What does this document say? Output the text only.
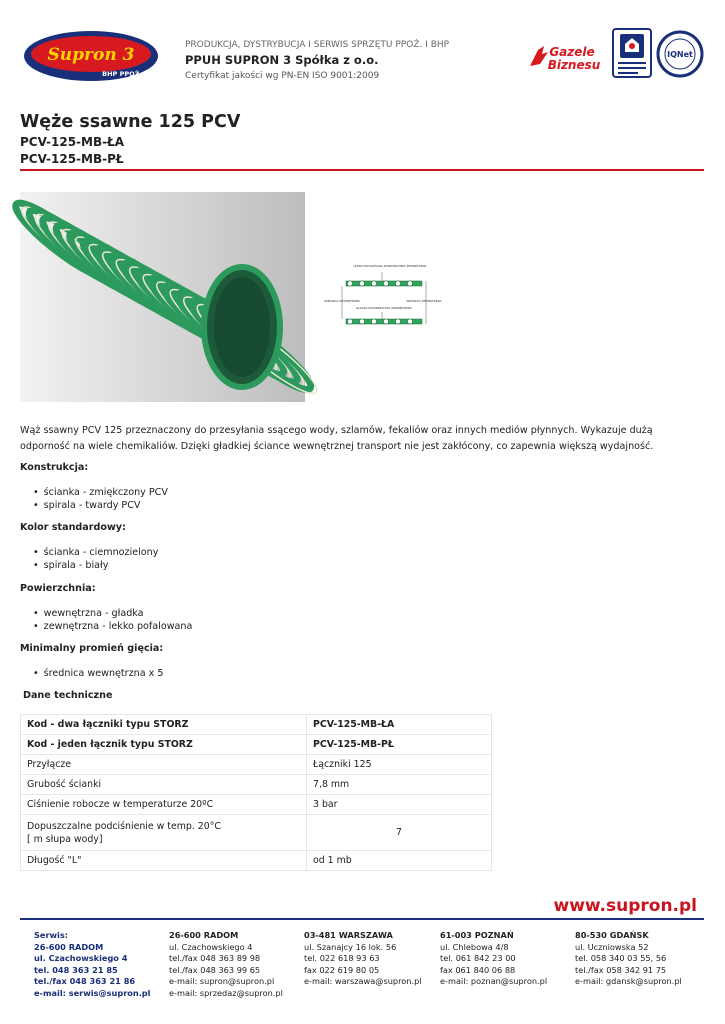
Supron 3
BHP PPOŻ.
PRODUKCJA, DYSTRYBUCJA I SERWIS SPRZĘTU PPOŻ. I BHP
PPUH SUPRON 3 Spółka z o.o.
Certyfikat jakości wg PN-EN ISO 9001:2009
Gazele
Biznesu
IQNet
Węże ssawne 125 PCV
PCV-125-MB-ŁA
PCV-125-MB-PŁ
LEKKO POFALOWANA POWIERZCHNIA ZEWNĘTRZNA
ŚREDNICA WEWNĘTRZNA	ŚREDNICA ZEWNĘTRZNA
GŁADKA POWIERZCHNIA WEWNĘTRZNA
Wąż ssawny PCV 125 przeznaczony do przesyłania ssącego wody, szlamów, fekaliów oraz innych mediów płynnych. Wykazuje dużą odporność na wiele chemikaliów. Dzięki gładkiej ściance wewnętrznej transport nie jest zakłócony, co zapewnia większą wydajność.
Konstrukcja:
• ścianka - zmiękczony PCV
• spirala - twardy PCV
Kolor standardowy:
• ścianka - ciemnozielony
• spirala - biały
Powierzchnia:
• wewnętrzna - gładka
• zewnętrzna - lekko pofalowana
Minimalny promień gięcia:
• średnica wewnętrzna x 5
Dane techniczne
Kod - dwa łączniki typu STORZ	PCV-125-MB-ŁA
Kod - jeden łącznik typu STORZ	PCV-125-MB-PŁ
Przyłącze	Łączniki 125
Grubość ścianki	7,8 mm
Ciśnienie robocze w temperaturze 20ºC	3 bar

Dopuszczalne podciśnienie w temp. 20°C
[ m słupa wody]	7
Długość "L"	od 1 mb
www.supron.pl
Serwis:
26-600 RADOM
ul. Czachowskiego 4
tel. 048 363 21 85
tel./fax 048 363 21 86
e-mail: serwis@supron.pl
26-600 RADOM
ul. Czachowskiego 4
tel./fax 048 363 89 98
tel./fax 048 363 99 65
e-mail: supron@supron.pl
e-mail: sprzedaz@supron.pl
03-481 WARSZAWA
ul. Szanajcy 16 lok. 56
tel. 022 618 93 63
fax 022 619 80 05
e-mail: warszawa@supron.pl
61-003 POZNAŃ
ul. Chlebowa 4/8
tel. 061 842 23 00
fax 061 840 06 88
e-mail: poznan@supron.pl
80-530 GDAŃSK
ul. Uczniowska 52
tel. 058 340 03 55, 56
tel./fax 058 342 91 75
e-mail: gdansk@supron.pl
